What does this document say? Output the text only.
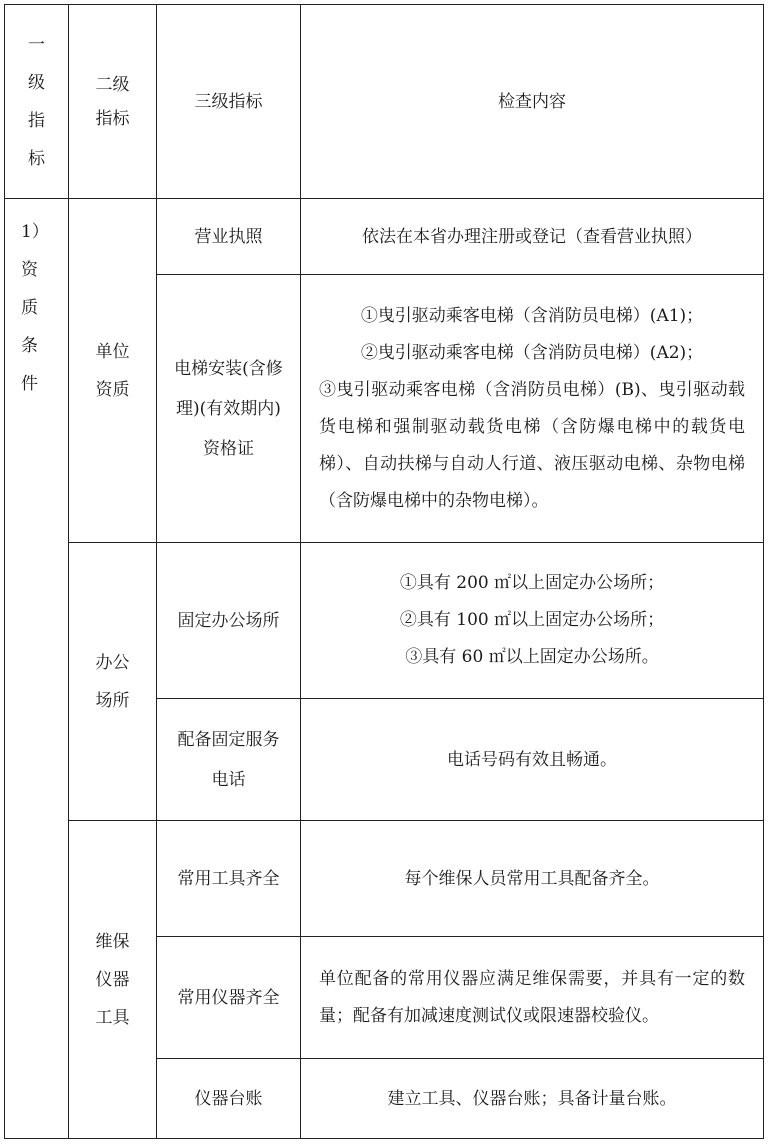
一级指标	二级指标	三级指标	检查内容

1）资质条件	单位资质	营业执照	依法在本省办理注册或登记（查看营业执照）
		电梯安装(含修理)(有效期内)资格证	①曳引驱动乘客电梯（含消防员电梯）(A1)；
②曳引驱动乘客电梯（含消防员电梯）(A2)；
③曳引驱动乘客电梯（含消防员电梯）(B)、曳引驱动载货电梯和强制驱动载货电梯（含防爆电梯中的载货电梯）、自动扶梯与自动人行道、液压驱动电梯、杂物电梯（含防爆电梯中的杂物电梯）。

	办公场所	固定办公场所	①具有 200 ㎡以上固定办公场所；
②具有 100 ㎡以上固定办公场所；
③具有 60 ㎡以上固定办公场所。

		配备固定服务电话	电话号码有效且畅通。
	维保仪器工具	常用工具齐全	每个维保人员常用工具配备齐全。
		常用仪器齐全	单位配备的常用仪器应满足维保需要，并具有一定的数量；配备有加减速度测试仪或限速器校验仪。

		仪器台账	建立工具、仪器台账；具备计量台账。
